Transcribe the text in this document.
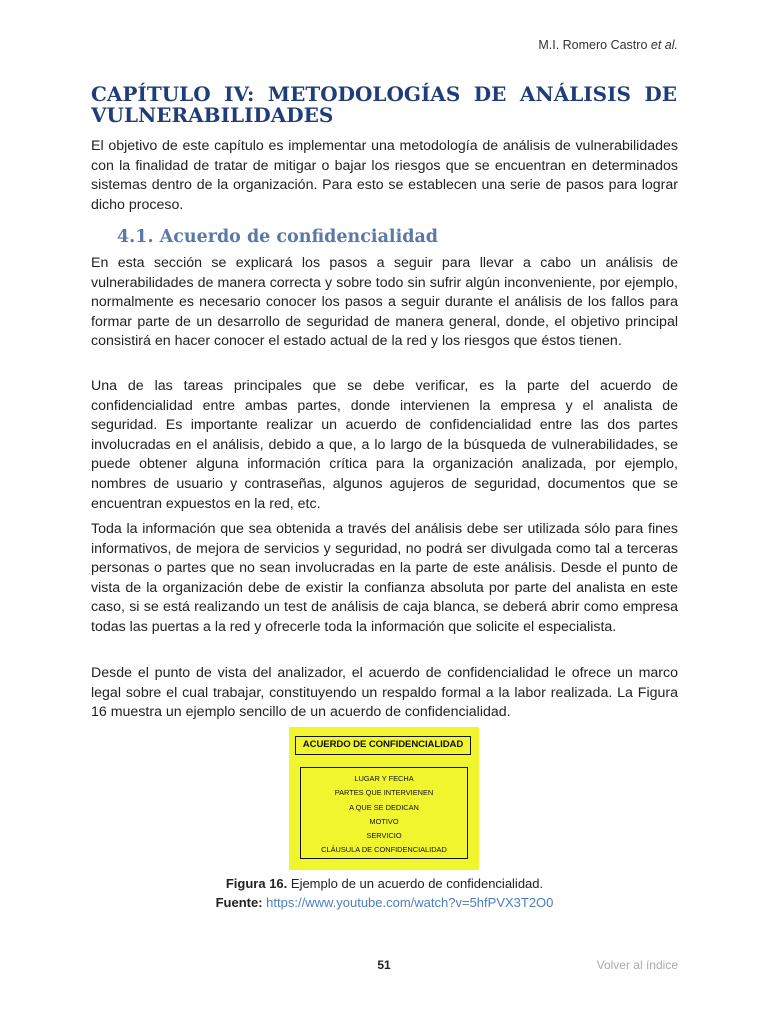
M.I. Romero Castro et al.
CAPÍTULO IV: METODOLOGÍAS DE ANÁLISIS DE VULNERABILIDADES

El objetivo de este capítulo es implementar una metodología de análisis de vulnerabilidades con la finalidad de tratar de mitigar o bajar los riesgos que se encuentran en determinados sistemas dentro de la organización. Para esto se establecen una serie de pasos para lograr dicho proceso.

4.1. Acuerdo de confidencialidad

En esta sección se explicará los pasos a seguir para llevar a cabo un análisis de vulnerabilidades de manera correcta y sobre todo sin sufrir algún inconveniente, por ejemplo, normalmente es necesario conocer los pasos a seguir durante el análisis de los fallos para formar parte de un desarrollo de seguridad de manera general, donde, el objetivo principal consistirá en hacer conocer el estado actual de la red y los riesgos que éstos tienen.

Una de las tareas principales que se debe verificar, es la parte del acuerdo de confidencialidad entre ambas partes, donde intervienen la empresa y el analista de seguridad. Es importante realizar un acuerdo de confidencialidad entre las dos partes involucradas en el análisis, debido a que, a lo largo de la búsqueda de vulnerabilidades, se puede obtener alguna información crítica para la organización analizada, por ejemplo, nombres de usuario y contraseñas, algunos agujeros de seguridad, documentos que se encuentran expuestos en la red, etc.

Toda la información que sea obtenida a través del análisis debe ser utilizada sólo para fines informativos, de mejora de servicios y seguridad, no podrá ser divulgada como tal a terceras personas o partes que no sean involucradas en la parte de este análisis. Desde el punto de vista de la organización debe de existir la confianza absoluta por parte del analista en este caso, si se está realizando un test de análisis de caja blanca, se deberá abrir como empresa todas las puertas a la red y ofrecerle toda la información que solicite el especialista.

Desde el punto de vista del analizador, el acuerdo de confidencialidad le ofrece un marco legal sobre el cual trabajar, constituyendo un respaldo formal a la labor realizada. La Figura 16 muestra un ejemplo sencillo de un acuerdo de confidencialidad.

ACUERDO DE CONFIDENCIALIDAD
LUGAR Y FECHA
PARTES QUE INTERVIENEN
A QUE SE DEDICAN
MOTIVO
SERVICIO
CLÁUSULA DE CONFIDENCIALIDAD
Figura 16. Ejemplo de un acuerdo de confidencialidad.
Fuente: https://www.youtube.com/watch?v=5hfPVX3T2O0
51	Volver al índice
